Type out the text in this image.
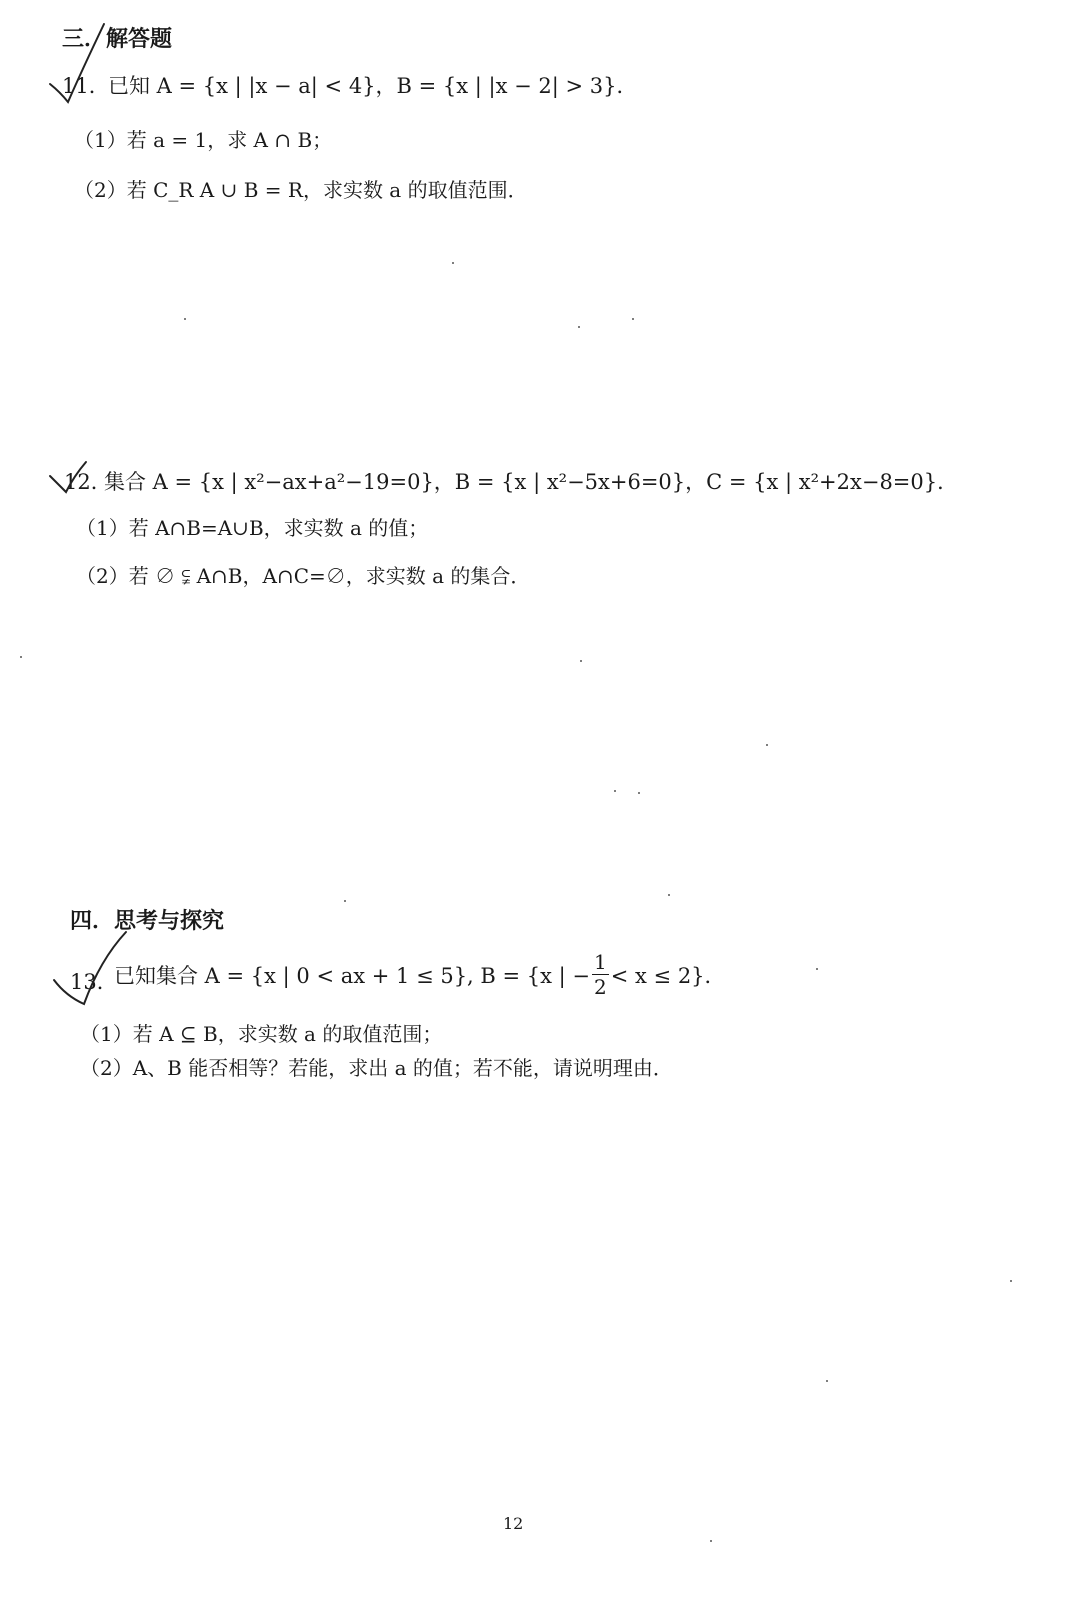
三．解答题
11．
已知 A = {x | |x − a| < 4}，B = {x | |x − 2| > 3}．
（1）若 a = 1，求 A ∩ B；
（2）若 C_R A ∪ B = R，求实数 a 的取值范围．
12．
集合 A = {x | x²−ax+a²−19=0}，B = {x | x²−5x+6=0}，C = {x | x²+2x−8=0}．
（1）若 A∩B=A∪B，求实数 a 的值；
（2）若 ∅ ⫋ A∩B，A∩C=∅，求实数 a 的集合．
四．思考与探究
13．
已知集合 A = {x | 0 < ax + 1 ≤ 5}, B = {x | − $\frac{1}{2} < x \le 2$}．
（1）若 A ⊆ B，求实数 a 的取值范围；
（2）A、B 能否相等？若能，求出 a 的值；若不能，请说明理由．
12
